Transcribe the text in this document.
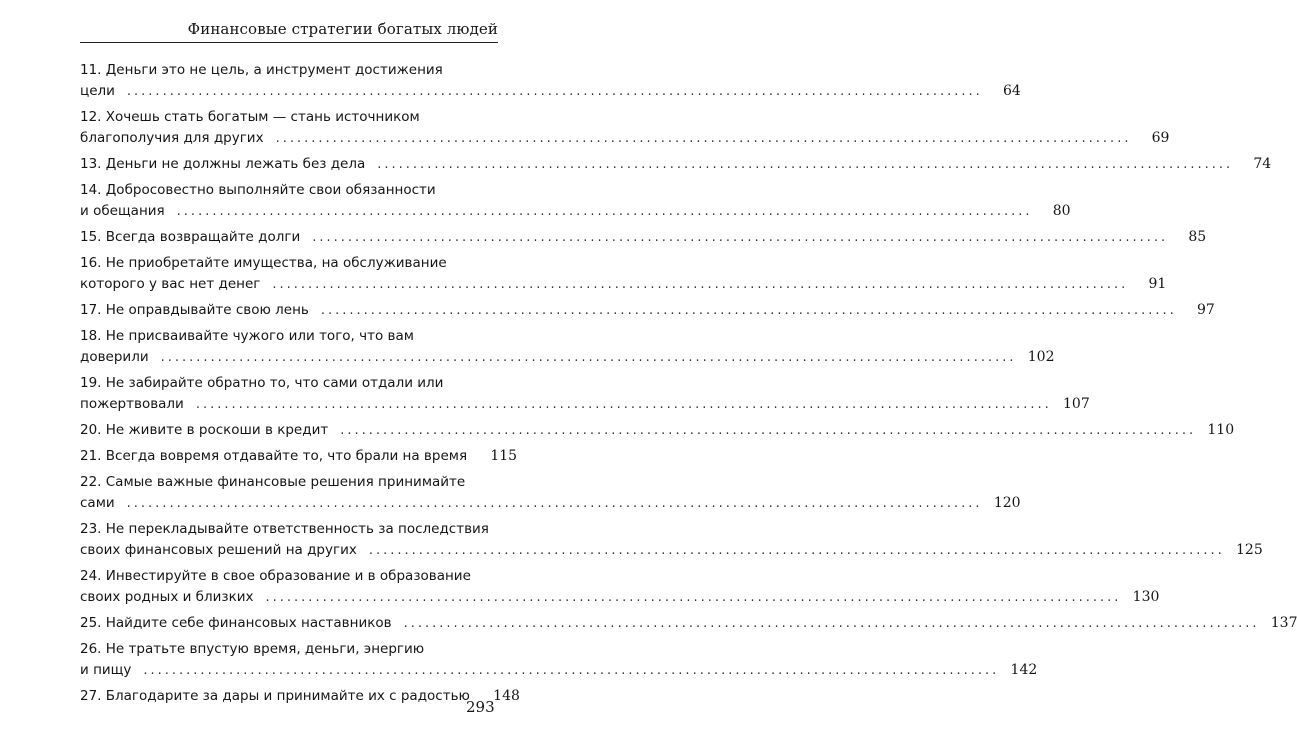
Финансовые стратегии богатых людей
11. Деньги это не цель, а инструмент достижения
цели ........................................................................................................................	64
12. Хочешь стать богатым — стань источником
благополучия для других ........................................................................................................................	69
13. Деньги не должны лежать без дела ........................................................................................................................	74
14. Добросовестно выполняйте свои обязанности
и обещания ........................................................................................................................	80
15. Всегда возвращайте долги ........................................................................................................................	85
16. Не приобретайте имущества, на обслуживание
которого у вас нет денег ........................................................................................................................	91
17. Не оправдывайте свою лень ........................................................................................................................	97
18. Не присваивайте чужого или того, что вам
доверили ........................................................................................................................ 102
19. Не забирайте обратно то, что сами отдали или
пожертвовали ........................................................................................................................ 107
20. Не живите в роскоши в кредит ........................................................................................................................ 110
21. Всегда вовремя отдавайте то, что брали на время 115
22. Самые важные финансовые решения принимайте
сами ........................................................................................................................ 120
23. Не перекладывайте ответственность за последствия
своих финансовых решений на других ........................................................................................................................ 125
24. Инвестируйте в свое образование и в образование
своих родных и близких ........................................................................................................................ 130
25. Найдите себе финансовых наставников ........................................................................................................................ 137
26. Не тратьте впустую время, деньги, энергию
и пищу ........................................................................................................................ 142
27. Благодарите за дары и принимайте их с радостью 148
293
